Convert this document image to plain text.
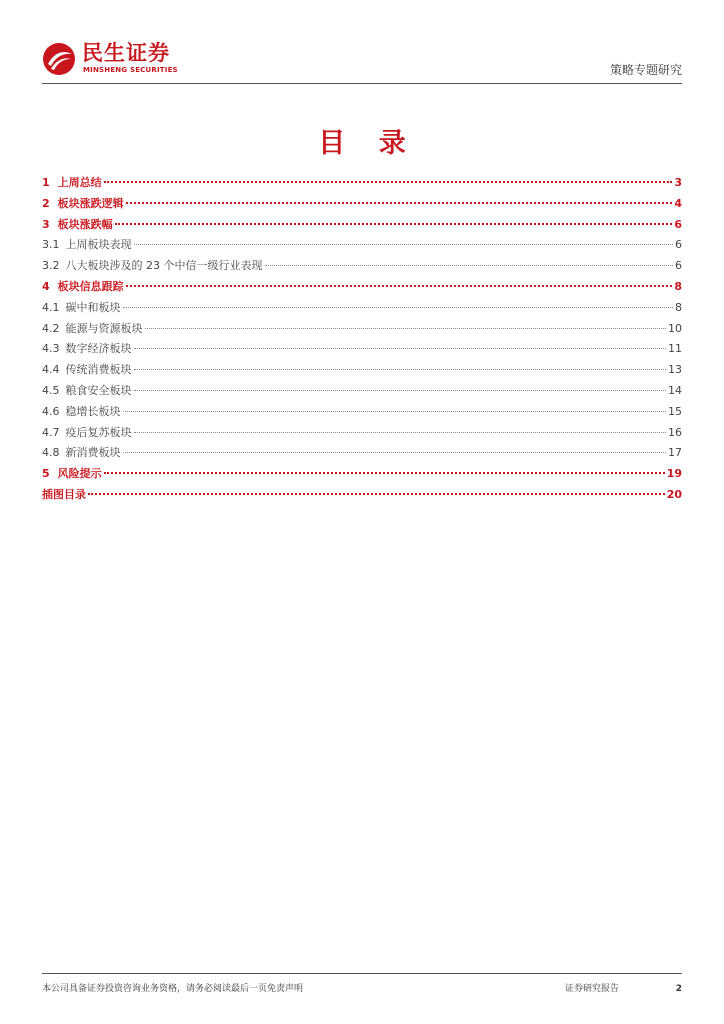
民生证券
MINSHENG SECURITIES	策略专题研究
目 录
1 上周总结	3
2 板块涨跌逻辑	4
3 板块涨跌幅	6
3.1 上周板块表现	6
3.2 八大板块涉及的 23 个中信一级行业表现	6
4 板块信息跟踪	8
4.1 碳中和板块	8
4.2 能源与资源板块	10
4.3 数字经济板块	11
4.4 传统消费板块	13
4.5 粮食安全板块	14
4.6 稳增长板块	15
4.7 疫后复苏板块	16
4.8 新消费板块	17
5 风险提示	19
插图目录	20
本公司具备证券投资咨询业务资格，请务必阅读最后一页免责声明	证券研究报告	2
